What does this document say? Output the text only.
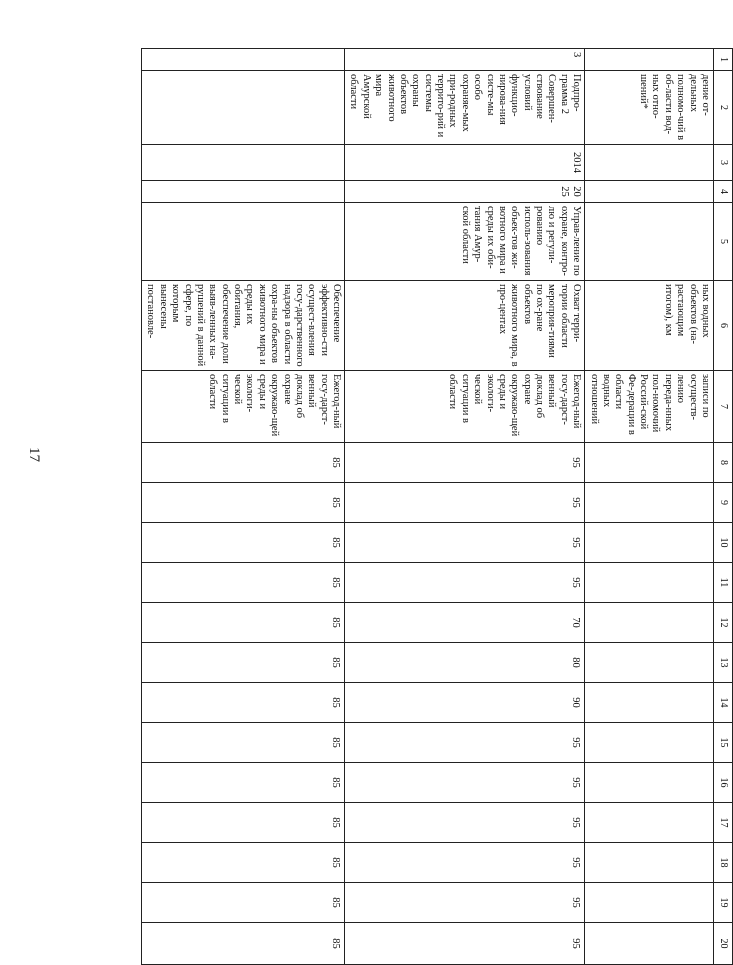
17
1	2	3	4	5	6	7	8	9	10	11	12	13	14	15	16	17	18	19	20
	дение от-дельных полномо-чий в об-ласти вод-ных отно-шений*				ных водных объектов (на-растающим итогом), км	записи по осуществ-лению переда-нных пол-номочий Россий-ской Фе-дерации в области водных отношений													
3	Подпро-грамма 2 Совершен-ствование условий функцио-нирова-ния систе-мы особо охраняе-мых при-родных террито-рий и системы охраны объектов животного мира Амурской области	2014	2025	Управ-ление по охране, контро-лю и регули-рованию исполь-зования объек-тов жи-вотного мира и среды их оби-тания Амур-ской области	Охват терри-тории области мероприя-тиями по ох-ране объектов животного мира, в про-центах	Ежегод-ный госу-дарст-венный доклад об охране окружаю-щей среды и экологи-ческой ситуации в области	95	95	95	95	70	80	90	95	95	95	95	95	95
					Обеспечение эффективно-сти осущест-вления госу-дарственного надзора в области охра-ны объектов животного мира и среды их обитания, обеспечение доли выяв-ленных на-рушений в данной сфере, по которым вынесены постановле-	Ежегод-ный госу-дарст-венный доклад об охране окружаю-щей среды и экологи-ческой ситуации в области	85	85	85	85	85	85	85	85	85	85	85	85	85
